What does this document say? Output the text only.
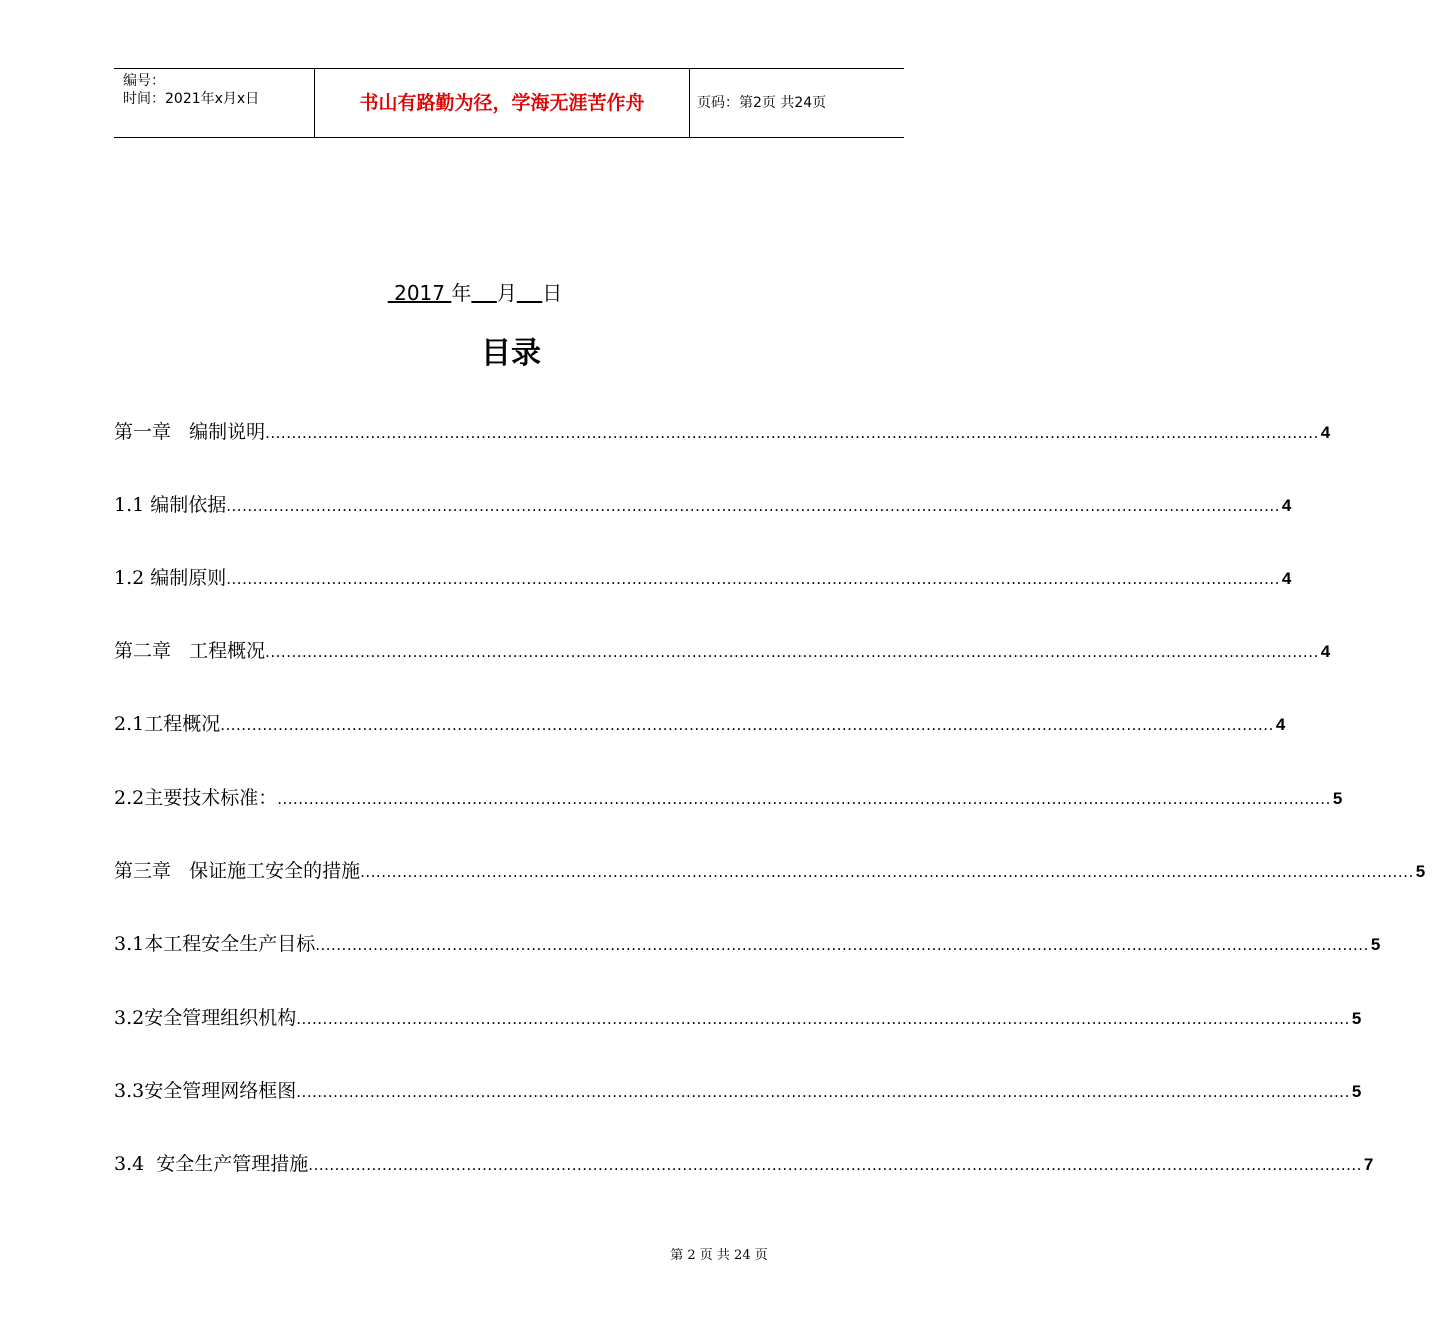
编号：
时间：2021年x月x日	书山有路勤为径，学海无涯苦作舟	页码：第2页 共24页
2017 年 月 日
目录
第一章   编制说明 ........................................................................................................................................................................................................ 4
1.1 编制依据 ........................................................................................................................................................................................................ 4
1.2 编制原则 ........................................................................................................................................................................................................ 4
第二章   工程概况 ........................................................................................................................................................................................................ 4
2.1工程概况 ........................................................................................................................................................................................................ 4
2.2主要技术标准： ........................................................................................................................................................................................................ 5
第三章   保证施工安全的措施 ........................................................................................................................................................................................................ 5
3.1本工程安全生产目标 ........................................................................................................................................................................................................ 5
3.2安全管理组织机构 ........................................................................................................................................................................................................ 5
3.3安全管理网络框图 ........................................................................................................................................................................................................ 5
3.4  安全生产管理措施 ........................................................................................................................................................................................................ 7
第 2 页 共 24 页
